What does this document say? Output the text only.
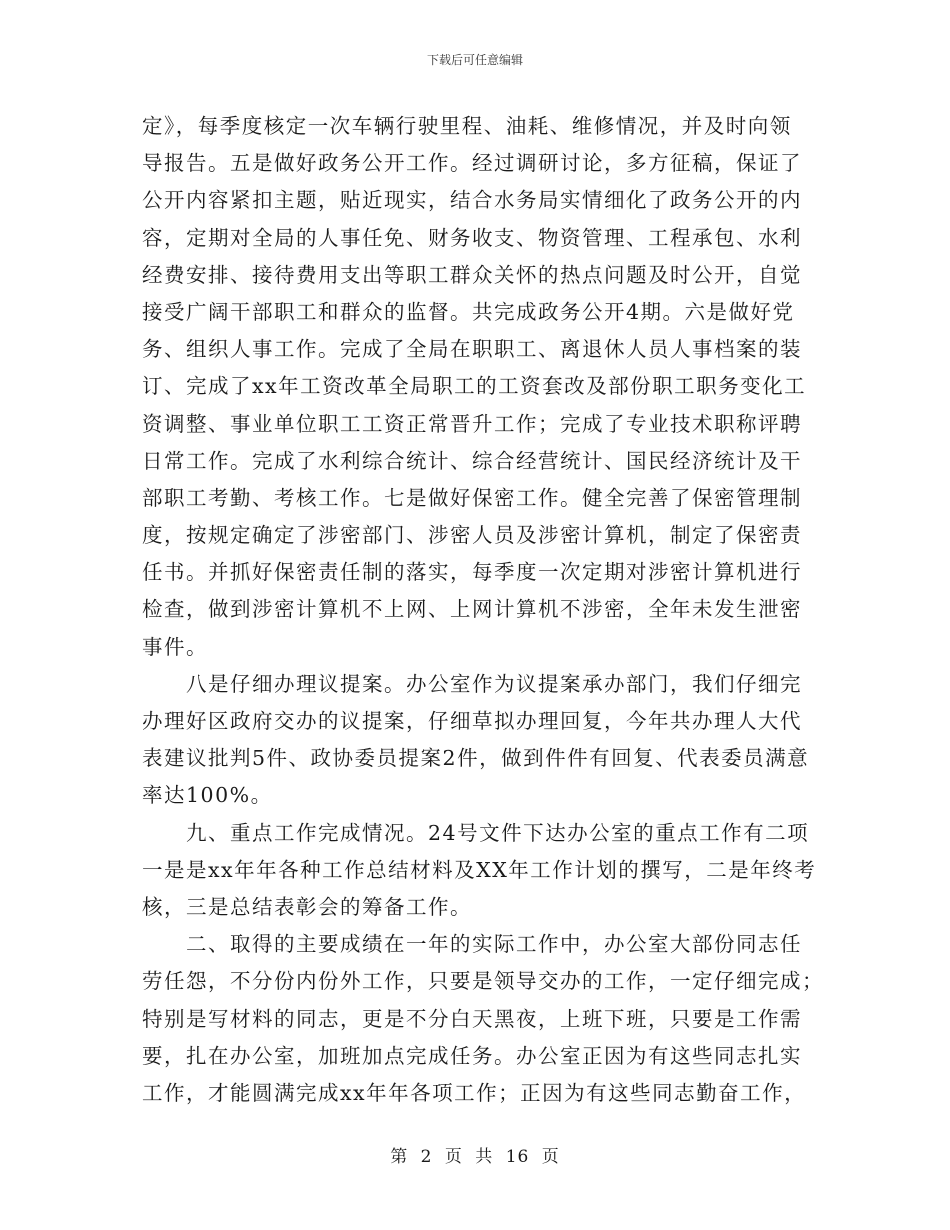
下载后可任意编辑
定》，每季度核定一次车辆行驶里程、油耗、维修情况，并及时向领
导报告。五是做好政务公开工作。经过调研讨论，多方征稿，保证了
公开内容紧扣主题，贴近现实，结合水务局实情细化了政务公开的内
容，定期对全局的人事任免、财务收支、物资管理、工程承包、水利
经费安排、接待费用支出等职工群众关怀的热点问题及时公开，自觉
接受广阔干部职工和群众的监督。共完成政务公开4期。六是做好党
务、组织人事工作。完成了全局在职职工、离退休人员人事档案的装
订、完成了xx年工资改革全局职工的工资套改及部份职工职务变化工
资调整、事业单位职工工资正常晋升工作；完成了专业技术职称评聘
日常工作。完成了水利综合统计、综合经营统计、国民经济统计及干
部职工考勤、考核工作。七是做好保密工作。健全完善了保密管理制
度，按规定确定了涉密部门、涉密人员及涉密计算机，制定了保密责
任书。并抓好保密责任制的落实，每季度一次定期对涉密计算机进行
检查，做到涉密计算机不上网、上网计算机不涉密，全年未发生泄密
事件。
八是仔细办理议提案。办公室作为议提案承办部门，我们仔细完
办理好区政府交办的议提案，仔细草拟办理回复，今年共办理人大代
表建议批判5件、政协委员提案2件，做到件件有回复、代表委员满意
率达100%。
九、重点工作完成情况。24号文件下达办公室的重点工作有二项
一是是xx年年各种工作总结材料及XX年工作计划的撰写，二是年终考
核，三是总结表彰会的筹备工作。
二、取得的主要成绩在一年的实际工作中，办公室大部份同志任
劳任怨，不分份内份外工作，只要是领导交办的工作，一定仔细完成；
特别是写材料的同志，更是不分白天黑夜，上班下班，只要是工作需
要，扎在办公室，加班加点完成任务。办公室正因为有这些同志扎实
工作，才能圆满完成xx年年各项工作；正因为有这些同志勤奋工作，
第 2 页 共 16 页
